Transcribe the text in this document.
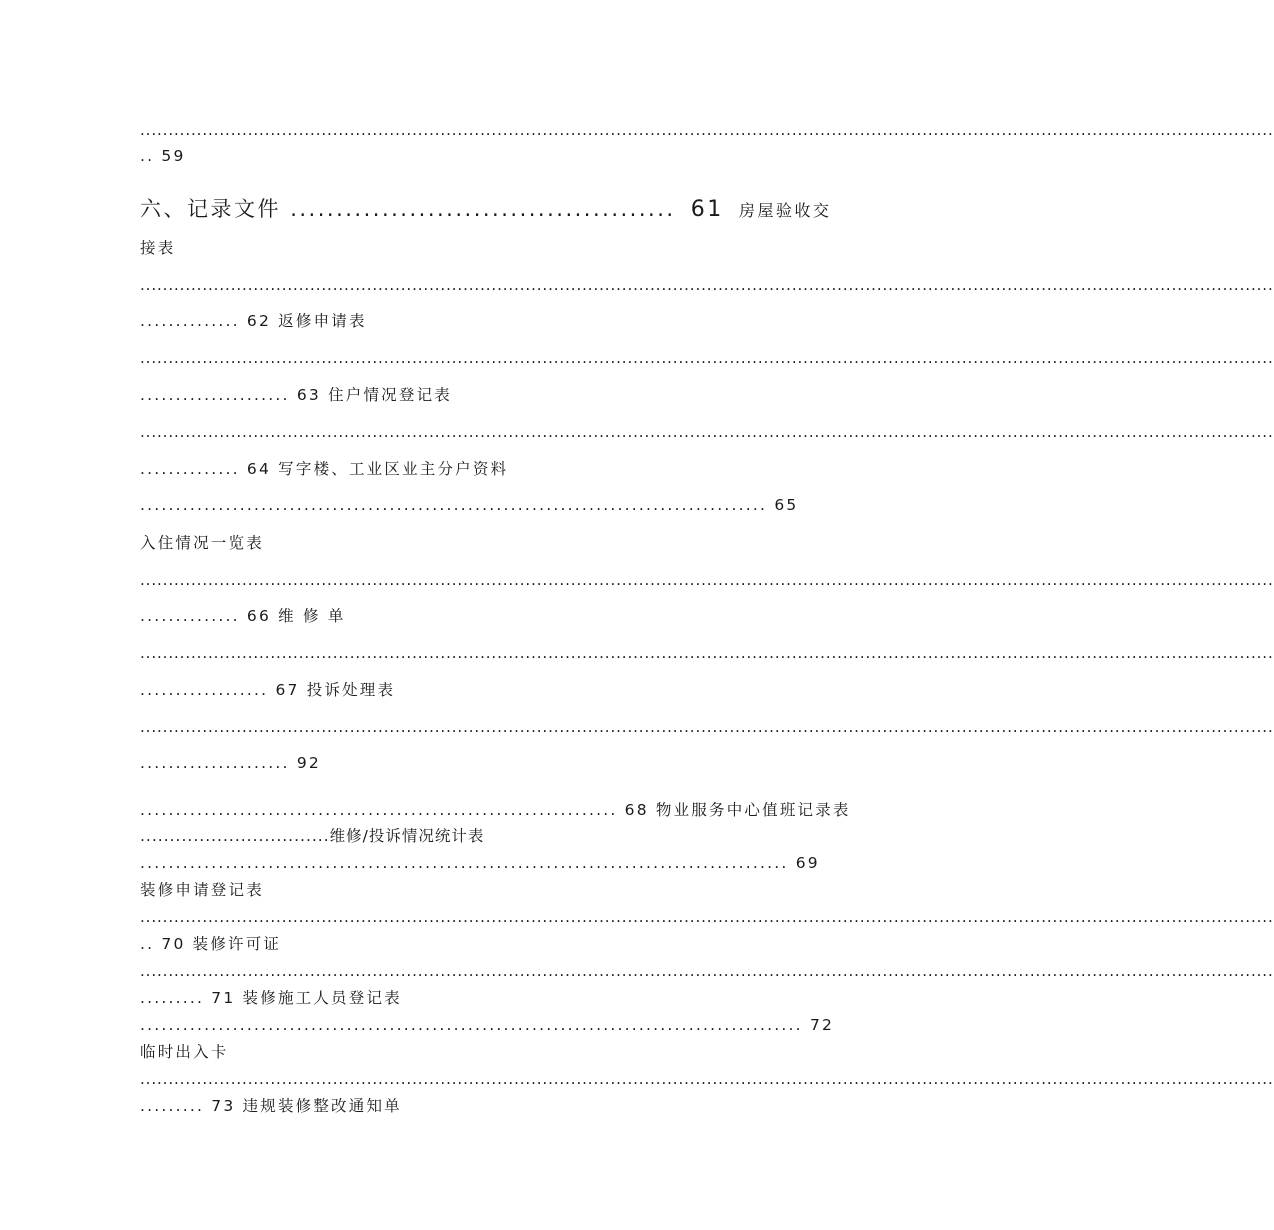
........................................................................................................................................................................................................
.. 59
六、记录文件 .......................................... 61 房屋验收交
接表
........................................................................................................................................................................................................
.............. 62 返修申请表
........................................................................................................................................................................................................
..................... 63 住户情况登记表
........................................................................................................................................................................................................
.............. 64 写字楼、工业区业主分户资料
........................................................................................ 65
入住情况一览表
........................................................................................................................................................................................................
.............. 66 维 修 单
........................................................................................................................................................................................................
.................. 67 投诉处理表
........................................................................................................................................................................................................
..................... 92
................................................................... 68 物业服务中心值班记录表
................................维修/投诉情况统计表
........................................................................................... 69
装修申请登记表
........................................................................................................................................................................................................
.. 70 装修许可证
........................................................................................................................................................................................................
......... 71 装修施工人员登记表
............................................................................................. 72
临时出入卡
........................................................................................................................................................................................................
......... 73 违规装修整改通知单
